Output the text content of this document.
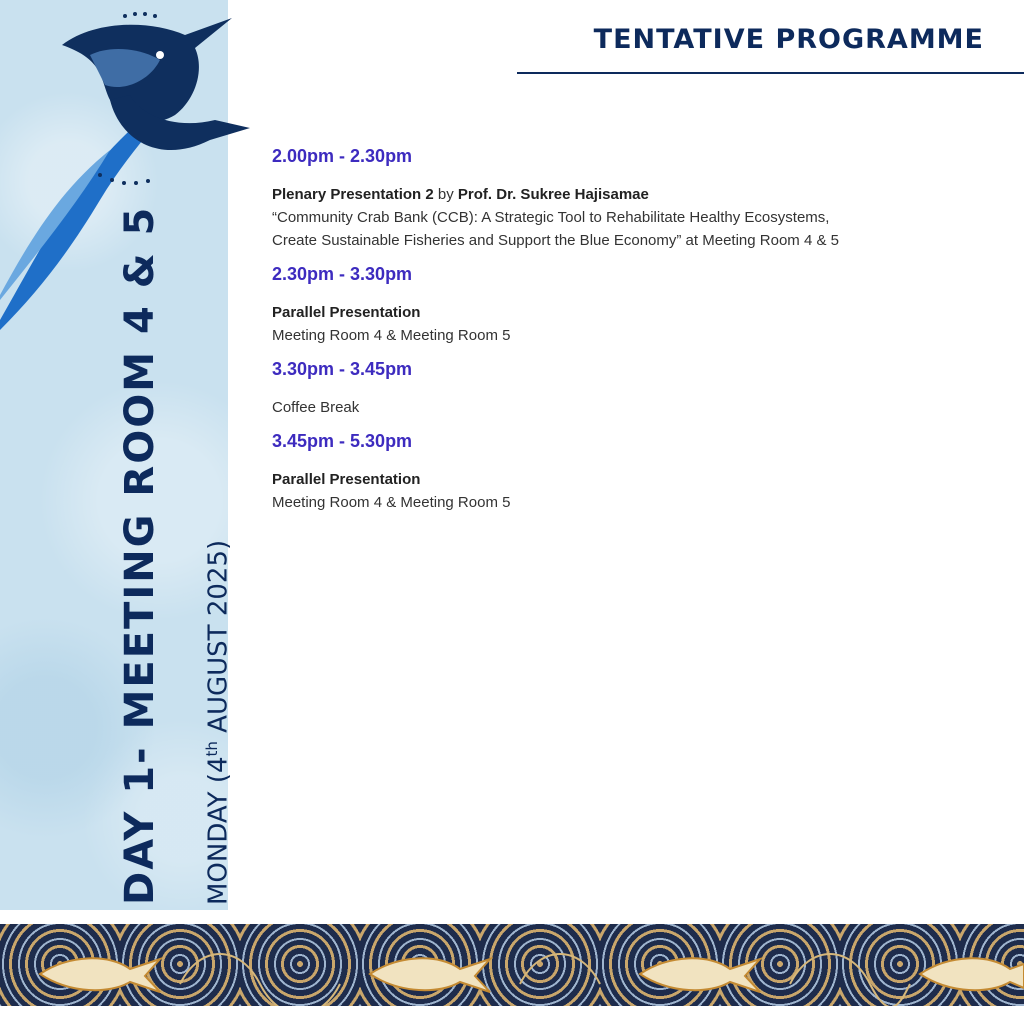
DAY 1- MEETING ROOM 4 & 5 MONDAY (4th AUGUST 2025)
TENTATIVE PROGRAMME
2.00pm - 2.30pm
Plenary Presentation 2 by Prof. Dr. Sukree Hajisamae
“Community Crab Bank (CCB): A Strategic Tool to Rehabilitate Healthy Ecosystems,
Create Sustainable Fisheries and Support the Blue Economy” at Meeting Room 4 & 5
2.30pm - 3.30pm
Parallel Presentation
Meeting Room 4 & Meeting Room 5
3.30pm - 3.45pm
Coffee Break
3.45pm - 5.30pm
Parallel Presentation
Meeting Room 4 & Meeting Room 5
